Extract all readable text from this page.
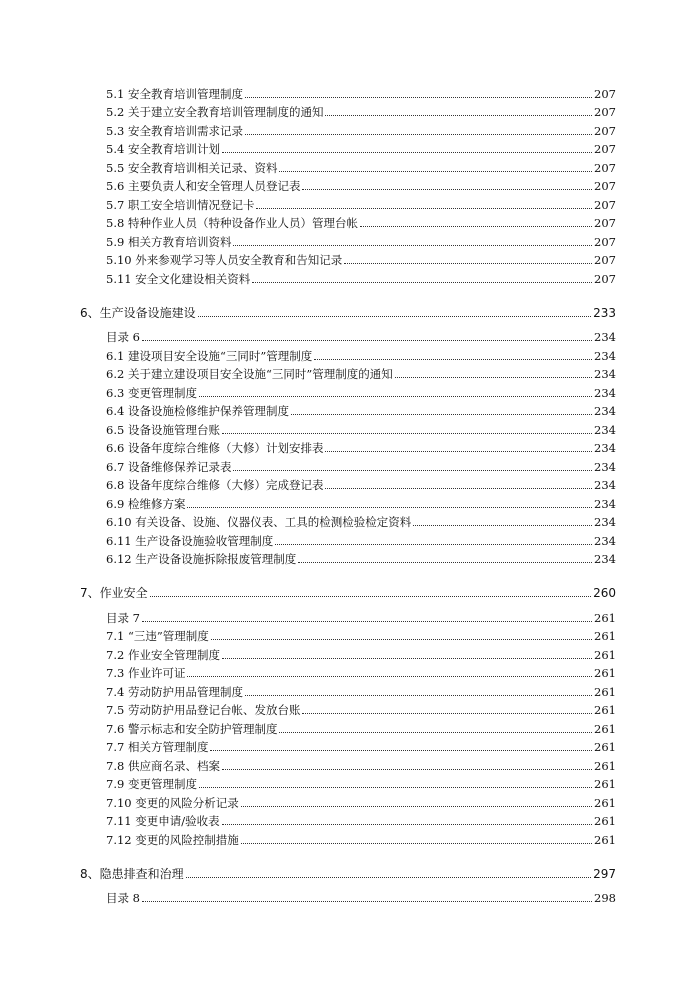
5.1 安全教育培训管理制度	207
5.2 关于建立安全教育培训管理制度的通知	207
5.3 安全教育培训需求记录	207
5.4 安全教育培训计划	207
5.5 安全教育培训相关记录、资料	207
5.6 主要负责人和安全管理人员登记表	207
5.7 职工安全培训情况登记卡	207
5.8 特种作业人员（特种设备作业人员）管理台帐	207
5.9 相关方教育培训资料	207
5.10 外来参观学习等人员安全教育和告知记录	207
5.11 安全文化建设相关资料	207
6、生产设备设施建设	233
目录 6	234
6.1 建设项目安全设施“三同时”管理制度	234
6.2 关于建立建设项目安全设施“三同时”管理制度的通知	234
6.3 变更管理制度	234
6.4 设备设施检修维护保养管理制度	234
6.5 设备设施管理台账	234
6.6 设备年度综合维修（大修）计划安排表	234
6.7 设备维修保养记录表	234
6.8 设备年度综合维修（大修）完成登记表	234
6.9 检维修方案	234
6.10 有关设备、设施、仪器仪表、工具的检测检验检定资料	234
6.11 生产设备设施验收管理制度	234
6.12 生产设备设施拆除报废管理制度	234
7、作业安全	260
目录 7	261
7.1 “三违”管理制度	261
7.2 作业安全管理制度	261
7.3 作业许可证	261
7.4 劳动防护用品管理制度	261
7.5 劳动防护用品登记台帐、发放台账	261
7.6 警示标志和安全防护管理制度	261
7.7 相关方管理制度	261
7.8 供应商名录、档案	261
7.9 变更管理制度	261
7.10 变更的风险分析记录	261
7.11 变更申请/验收表	261
7.12 变更的风险控制措施	261
8、隐患排查和治理	297
目录 8	298
